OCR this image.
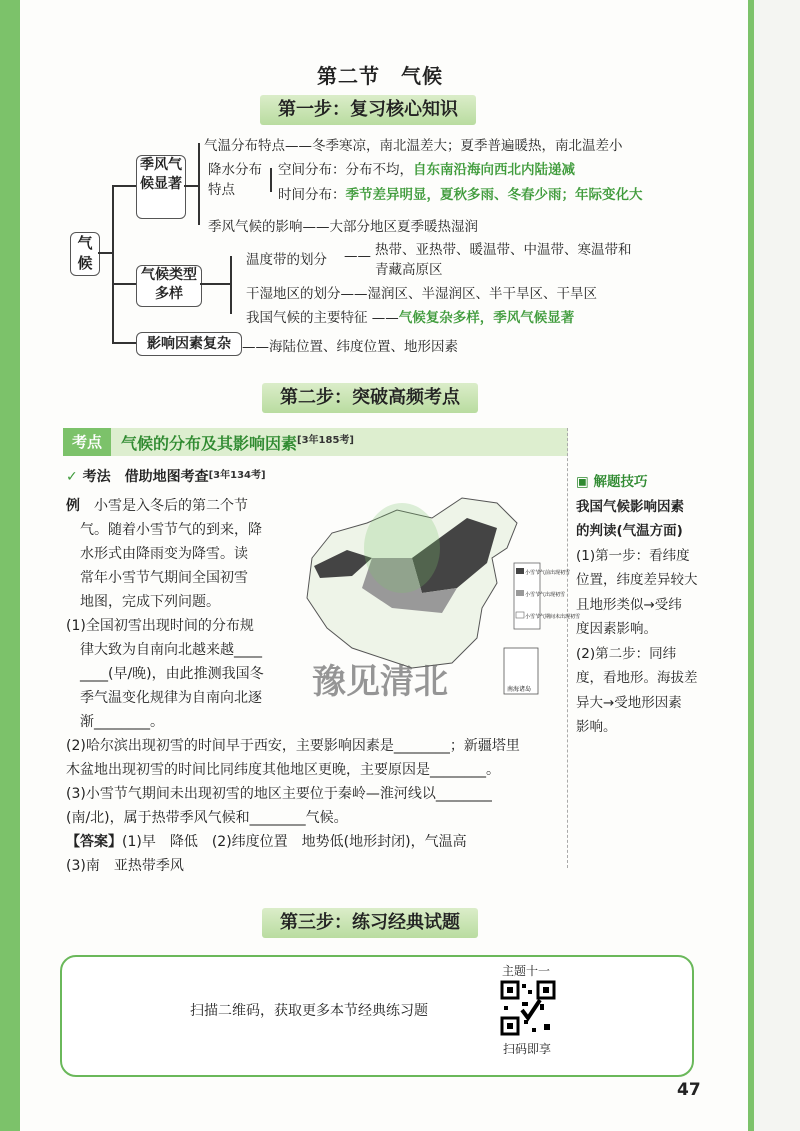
第二节　气候
第一步：复习核心知识
气候
季风气候显著
气温分布特点——冬季寒凉，南北温差大；夏季普遍暖热，南北温差小
降水分布特点
空间分布：分布不均，自东南沿海向西北内陆递减
时间分布：季节差异明显，夏秋多雨、冬春少雨；年际变化大
季风气候的影响——大部分地区夏季暖热湿润
气候类型多样
温度带的划分 —— 热带、亚热带、暖温带、中温带、寒温带和
青藏高原区
干湿地区的划分——湿润区、半湿润区、半干旱区、干旱区
我国气候的主要特征 ——气候复杂多样，季风气候显著
影响因素复杂 ——海陆位置、纬度位置、地形因素
第二步：突破高频考点
考点	气候的分布及其影响因素[3年185考]
✓ 考法　借助地图考查[3年134考]
例　 小雪是入冬后的第二个节
气。随着小雪节气的到来，降
水形式由降雨变为降雪。读
常年小雪节气期间全国初雪
地图，完成下列问题。
(1)全国初雪出现时间的分布规
律大致为自南向北越来越____
____(早/晚)，由此推测我国冬
季气温变化规律为自南向北逐
渐________。
小雪节气前出现初雪
小雪节气出现初雪
小雪节气期间未出现初雪
南海诸岛
豫见清北
(2)哈尔滨出现初雪的时间早于西安，主要影响因素是________；新疆塔里
木盆地出现初雪的时间比同纬度其他地区更晚，主要原因是________。
(3)小雪节气期间未出现初雪的地区主要位于秦岭—淮河线以________
(南/北)，属于热带季风气候和________气候。
【答案】(1)早　降低　(2)纬度位置　地势低(地形封闭)，气温高
(3)南　亚热带季风
▣ 解题技巧
我国气候影响因素
的判读(气温方面)
(1)第一步：看纬度
位置，纬度差异较大
且地形类似→受纬
度因素影响。
(2)第二步：同纬
度，看地形。海拔差
异大→受地形因素
影响。
第三步：练习经典试题
扫描二维码，获取更多本节经典练习题
主题十一
扫码即享
47
